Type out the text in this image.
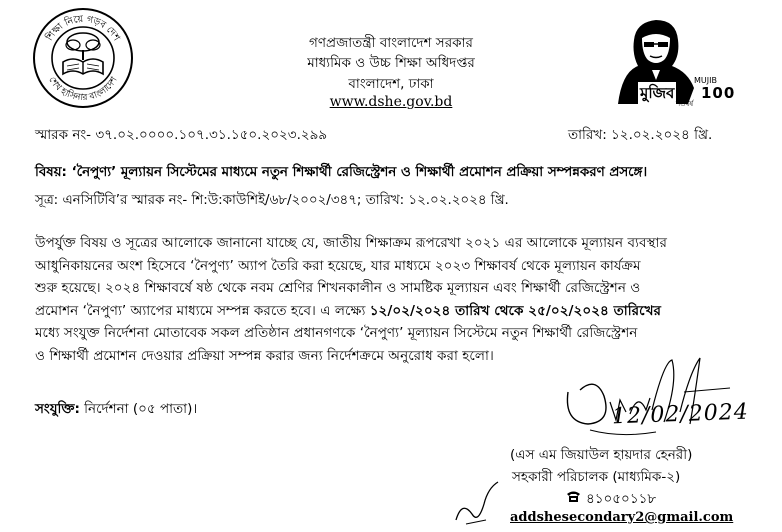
শিক্ষা নিয়ে গড়ব দেশ
শেখ হাসিনার বাংলাদেশ
গণপ্রজাতন্ত্রী বাংলাদেশ সরকার
মাধ্যমিক ও উচ্চ শিক্ষা অধিদপ্তর
বাংলাদেশ, ঢাকা
www.dshe.gov.bd	মুজিব
MUJIB
100
শতবর্ষ
স্মারক নং- ৩৭.০২.০০০০.১০৭.৩১.১৫০.২০২৩.২৯৯	তারিখ: ১২.০২.২০২৪ খ্রি.
বিষয়: ‘নৈপুণ্য’ মূল্যায়ন সিস্টেমের মাধ্যমে নতুন শিক্ষার্থী রেজিস্ট্রেশন ও শিক্ষার্থী প্রমোশন প্রক্রিয়া সম্পন্নকরণ প্রসঙ্গে।
সূত্র: এনসিটিবি’র স্মারক নং- শি:উ:কাউশিই/৬৮/২০০২/৩৪৭; তারিখ: ১২.০২.২০২৪ খ্রি.
উপর্যুক্ত বিষয় ও সূত্রের আলোকে জানানো যাচ্ছে যে, জাতীয় শিক্ষাক্রম রূপরেখা ২০২১ এর আলোকে মূল্যায়ন ব্যবস্থার
আধুনিকায়নের অংশ হিসেবে ‘নৈপুণ্য’ অ্যাপ তৈরি করা হয়েছে, যার মাধ্যমে ২০২৩ শিক্ষাবর্ষ থেকে মূল্যায়ন কার্যক্রম
শুরু হয়েছে। ২০২৪ শিক্ষাবর্ষে ষষ্ঠ থেকে নবম শ্রেণির শিখনকালীন ও সামষ্টিক মূল্যায়ন এবং শিক্ষার্থী রেজিস্ট্রেশন ও
প্রমোশন ‘নৈপুণ্য’ অ্যাপের মাধ্যমে সম্পন্ন করতে হবে। এ লক্ষ্যে ১২/০২/২০২৪ তারিখ থেকে ২৫/০২/২০২৪ তারিখের
মধ্যে সংযুক্ত নির্দেশনা মোতাবেক সকল প্রতিষ্ঠান প্রধানগণকে ‘নৈপুণ্য’ মূল্যায়ন সিস্টেমে নতুন শিক্ষার্থী রেজিস্ট্রেশন
ও শিক্ষার্থী প্রমোশন দেওয়ার প্রক্রিয়া সম্পন্ন করার জন্য নির্দেশক্রমে অনুরোধ করা হলো।
সংযুক্তি: নির্দেশনা (০৫ পাতা)।	12/02/2024
(এস এম জিয়াউল হায়দার হেনরী)
সহকারী পরিচালক (মাধ্যমিক-২)
৪১০৫০১১৮
addshesecondary2@gmail.com
